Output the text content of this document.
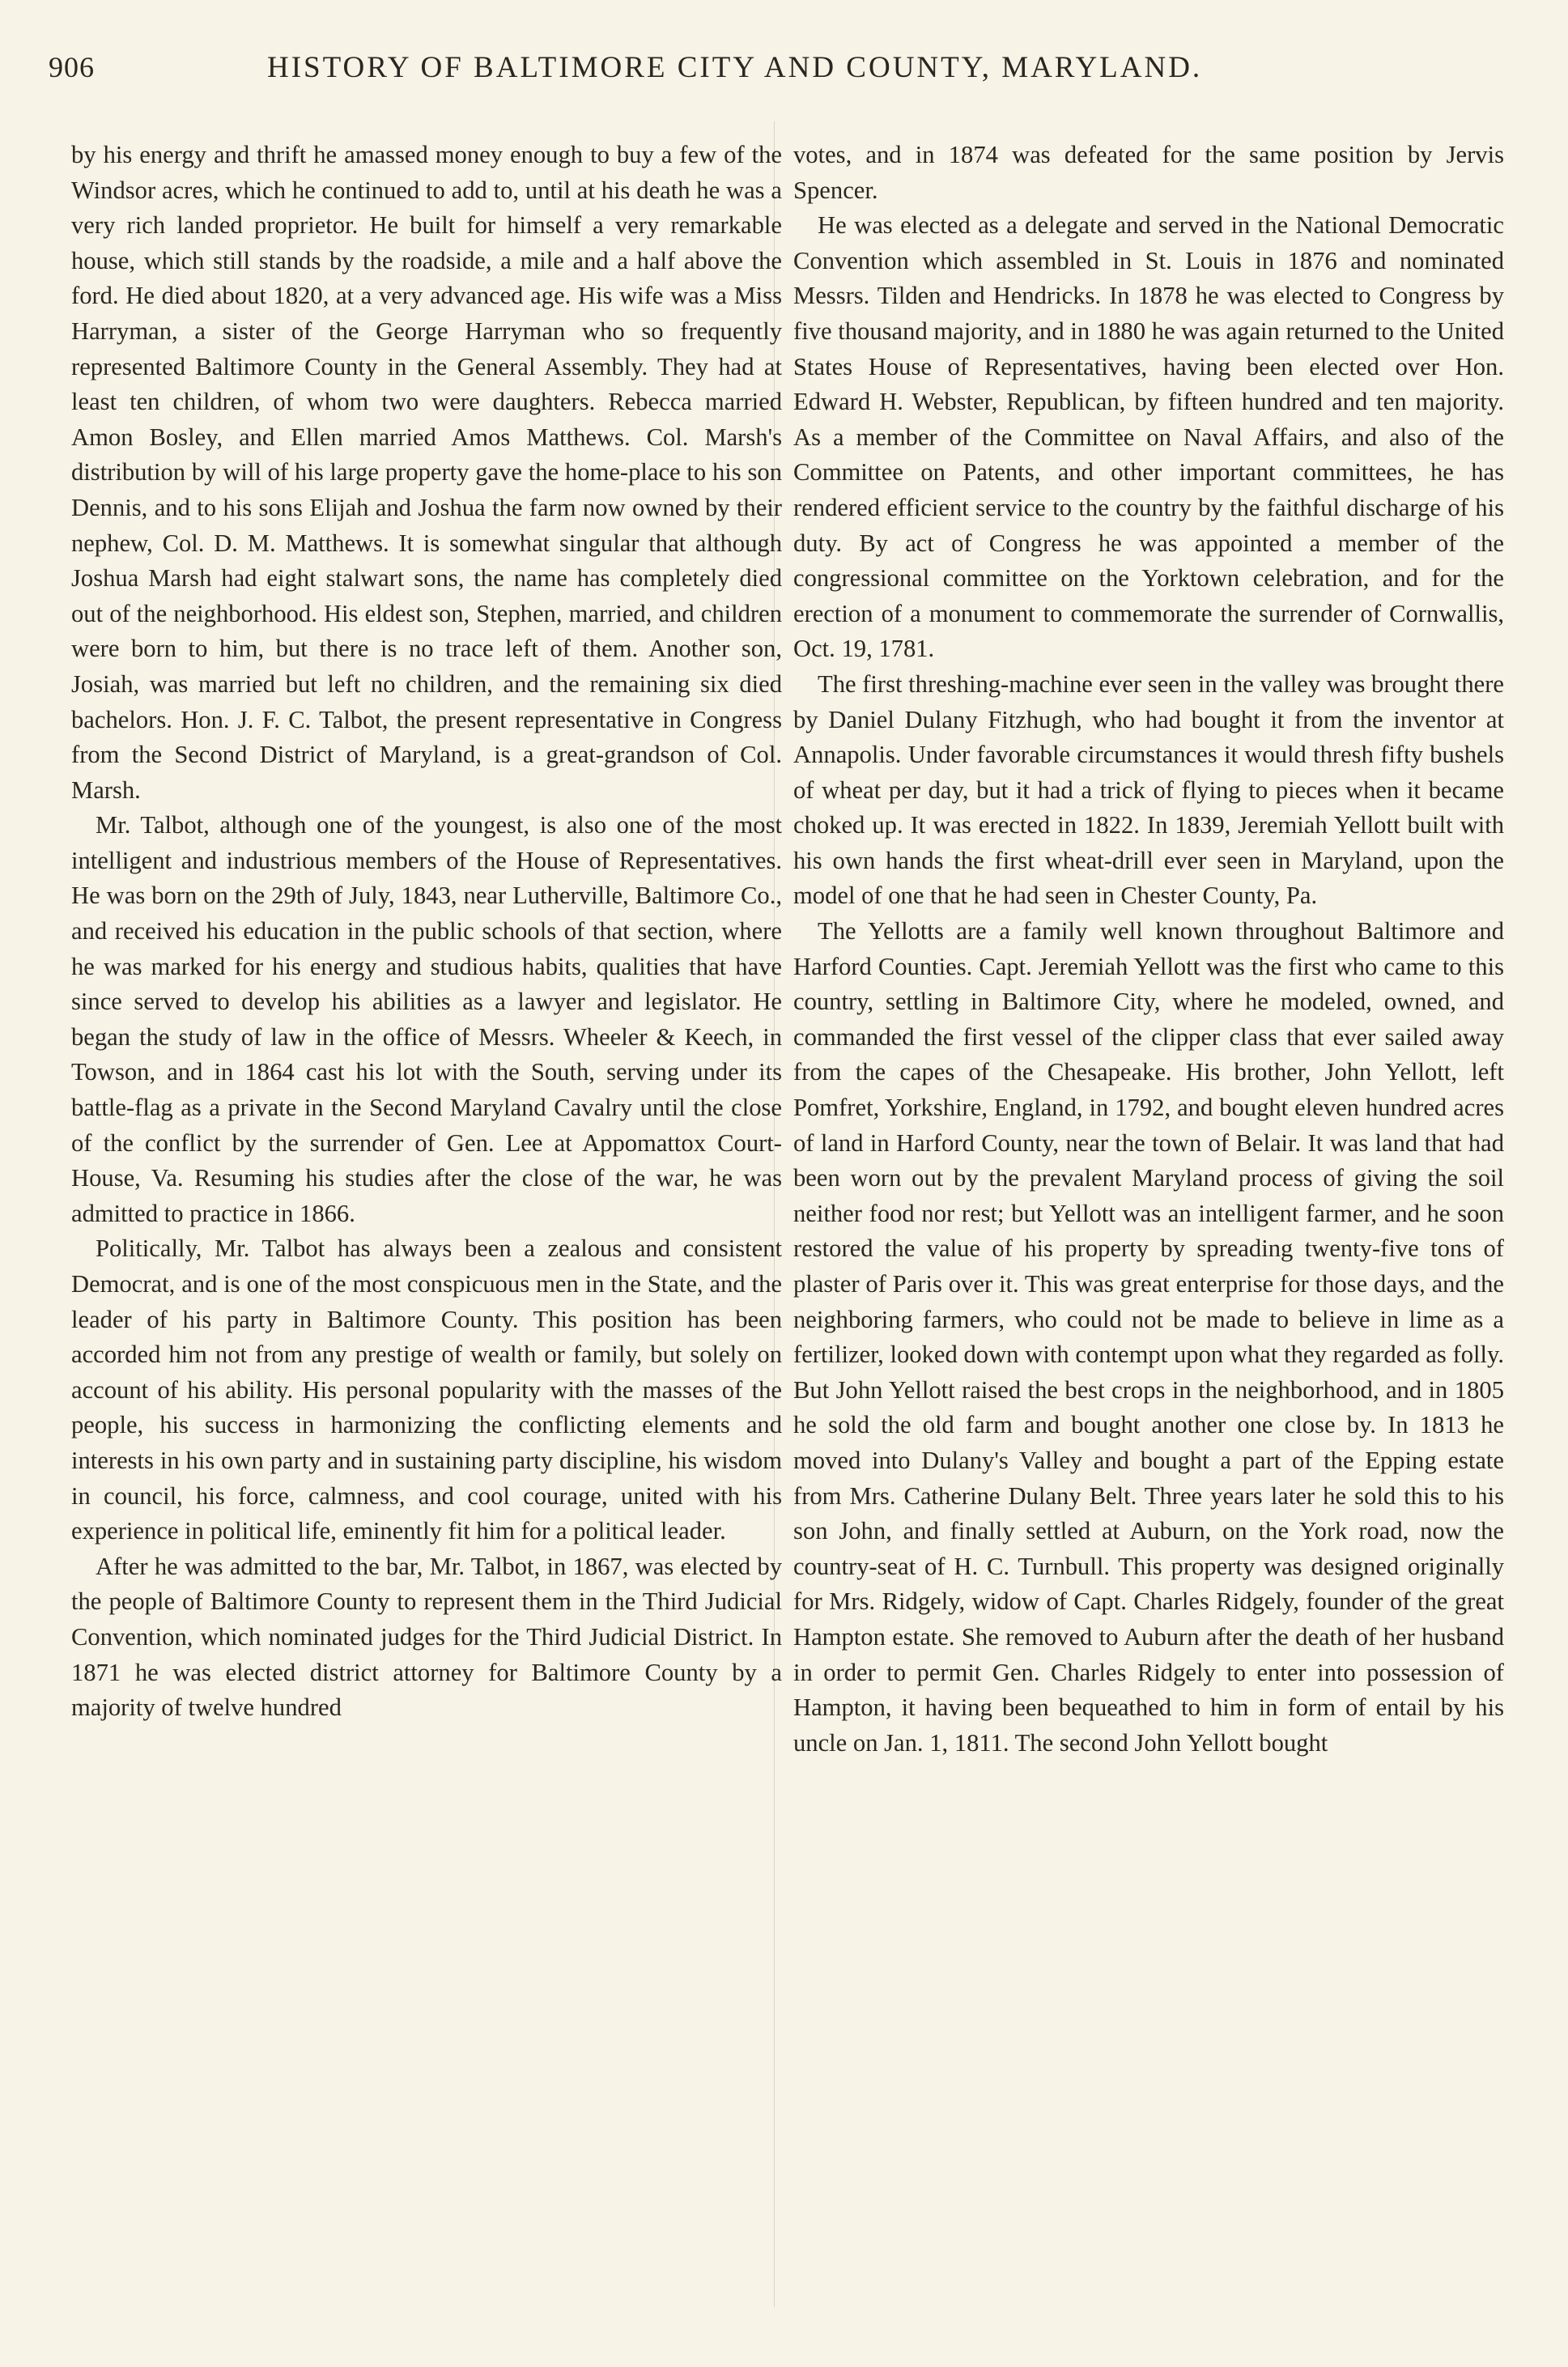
906	HISTORY OF BALTIMORE CITY AND COUNTY, MARYLAND.

by his energy and thrift he amassed money enough to buy a few of the Windsor acres, which he continued to add to, until at his death he was a very rich landed proprietor. He built for himself a very remarkable house, which still stands by the roadside, a mile and a half above the ford. He died about 1820, at a very advanced age. His wife was a Miss Harryman, a sister of the George Harryman who so frequently represented Baltimore County in the General Assembly. They had at least ten children, of whom two were daughters. Rebecca married Amon Bosley, and Ellen married Amos Matthews. Col. Marsh's distribution by will of his large property gave the home-place to his son Dennis, and to his sons Elijah and Joshua the farm now owned by their nephew, Col. D. M. Matthews. It is somewhat singular that although Joshua Marsh had eight stalwart sons, the name has completely died out of the neighborhood. His eldest son, Stephen, married, and children were born to him, but there is no trace left of them. Another son, Josiah, was married but left no children, and the remaining six died bachelors. Hon. J. F. C. Talbot, the present representative in Congress from the Second District of Maryland, is a great-grandson of Col. Marsh.

Mr. Talbot, although one of the youngest, is also one of the most intelligent and industrious members of the House of Representatives. He was born on the 29th of July, 1843, near Lutherville, Baltimore Co., and received his education in the public schools of that section, where he was marked for his energy and studious habits, qualities that have since served to develop his abilities as a lawyer and legislator. He began the study of law in the office of Messrs. Wheeler & Keech, in Towson, and in 1864 cast his lot with the South, serving under its battle-flag as a private in the Second Maryland Cavalry until the close of the conflict by the surrender of Gen. Lee at Appomattox Court-House, Va. Resuming his studies after the close of the war, he was admitted to practice in 1866.

Politically, Mr. Talbot has always been a zealous and consistent Democrat, and is one of the most conspicuous men in the State, and the leader of his party in Baltimore County. This position has been accorded him not from any prestige of wealth or family, but solely on account of his ability. His personal popularity with the masses of the people, his success in harmonizing the conflicting elements and interests in his own party and in sustaining party discipline, his wisdom in council, his force, calmness, and cool courage, united with his experience in political life, eminently fit him for a political leader.

After he was admitted to the bar, Mr. Talbot, in 1867, was elected by the people of Baltimore County to represent them in the Third Judicial Convention, which nominated judges for the Third Judicial District. In 1871 he was elected district attorney for Baltimore County by a majority of twelve hundred

votes, and in 1874 was defeated for the same position by Jervis Spencer.

He was elected as a delegate and served in the National Democratic Convention which assembled in St. Louis in 1876 and nominated Messrs. Tilden and Hendricks. In 1878 he was elected to Congress by five thousand majority, and in 1880 he was again returned to the United States House of Representatives, having been elected over Hon. Edward H. Webster, Republican, by fifteen hundred and ten majority. As a member of the Committee on Naval Affairs, and also of the Committee on Patents, and other important committees, he has rendered efficient service to the country by the faithful discharge of his duty. By act of Congress he was appointed a member of the congressional committee on the Yorktown celebration, and for the erection of a monument to commemorate the surrender of Cornwallis, Oct. 19, 1781.

The first threshing-machine ever seen in the valley was brought there by Daniel Dulany Fitzhugh, who had bought it from the inventor at Annapolis. Under favorable circumstances it would thresh fifty bushels of wheat per day, but it had a trick of flying to pieces when it became choked up. It was erected in 1822. In 1839, Jeremiah Yellott built with his own hands the first wheat-drill ever seen in Maryland, upon the model of one that he had seen in Chester County, Pa.

The Yellotts are a family well known throughout Baltimore and Harford Counties. Capt. Jeremiah Yellott was the first who came to this country, settling in Baltimore City, where he modeled, owned, and commanded the first vessel of the clipper class that ever sailed away from the capes of the Chesapeake. His brother, John Yellott, left Pomfret, Yorkshire, England, in 1792, and bought eleven hundred acres of land in Harford County, near the town of Belair. It was land that had been worn out by the prevalent Maryland process of giving the soil neither food nor rest; but Yellott was an intelligent farmer, and he soon restored the value of his property by spreading twenty-five tons of plaster of Paris over it. This was great enterprise for those days, and the neighboring farmers, who could not be made to believe in lime as a fertilizer, looked down with contempt upon what they regarded as folly. But John Yellott raised the best crops in the neighborhood, and in 1805 he sold the old farm and bought another one close by. In 1813 he moved into Dulany's Valley and bought a part of the Epping estate from Mrs. Catherine Dulany Belt. Three years later he sold this to his son John, and finally settled at Auburn, on the York road, now the country-seat of H. C. Turnbull. This property was designed originally for Mrs. Ridgely, widow of Capt. Charles Ridgely, founder of the great Hampton estate. She removed to Auburn after the death of her husband in order to permit Gen. Charles Ridgely to enter into possession of Hampton, it having been bequeathed to him in form of entail by his uncle on Jan. 1, 1811. The second John Yellott bought
